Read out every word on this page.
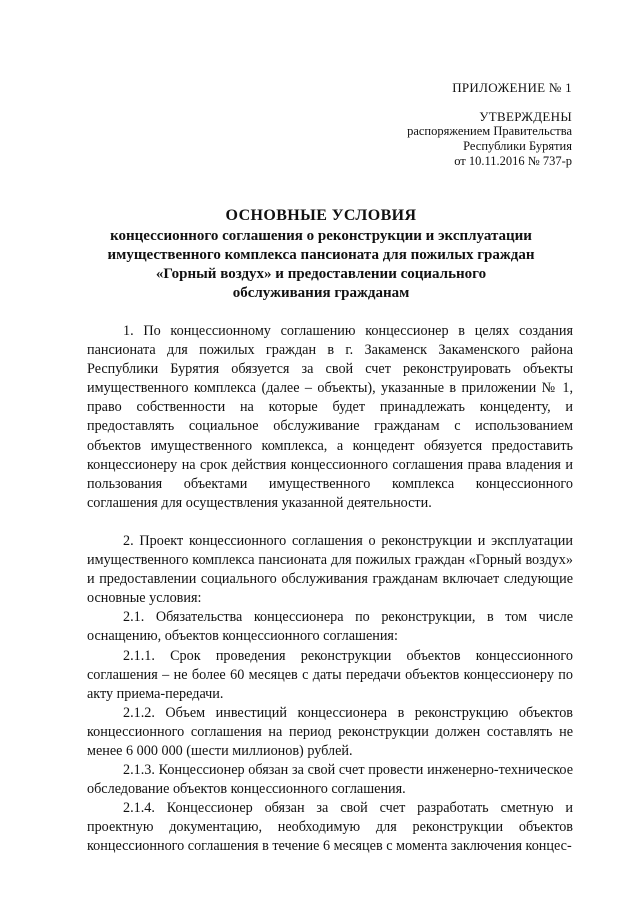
ПРИЛОЖЕНИЕ № 1
УТВЕРЖДЕНЫ
распоряжением Правительства
Республики Бурятия
от 10.11.2016 № 737-р
ОСНОВНЫЕ УСЛОВИЯ
концессионного соглашения о реконструкции и эксплуатации
имущественного комплекса пансионата для пожилых граждан
«Горный воздух» и предоставлении социального
обслуживания гражданам

1. По концессионному соглашению концессионер в целях создания пансионата для пожилых граждан в г. Закаменск Закаменского района Республики Бурятия обязуется за свой счет реконструировать объекты имущественного комплекса (далее – объекты), указанные в приложении № 1, право собственности на которые будет принадлежать концеденту, и предоставлять социальное обслуживание гражданам с использованием объектов имущественного комплекса, а концедент обязуется предоставить концессионеру на срок действия концессионного соглашения права владения и пользования объектами имущественного комплекса концессионного соглашения для осуществления указанной деятельности.

2. Проект концессионного соглашения о реконструкции и эксплуатации имущественного комплекса пансионата для пожилых граждан «Горный воздух» и предоставлении социального обслуживания гражданам включает следующие основные условия:

2.1. Обязательства концессионера по реконструкции, в том числе оснащению, объектов концессионного соглашения:

2.1.1. Срок проведения реконструкции объектов концессионного соглашения – не более 60 месяцев с даты передачи объектов концессионеру по акту приема-передачи.

2.1.2. Объем инвестиций концессионера в реконструкцию объектов концессионного соглашения на период реконструкции должен составлять не менее 6 000 000 (шести миллионов) рублей.

2.1.3. Концессионер обязан за свой счет провести инженерно-техническое обследование объектов концессионного соглашения.

2.1.4. Концессионер обязан за свой счет разработать сметную и проектную документацию, необходимую для реконструкции объектов концессионного соглашения в течение 6 месяцев с момента заключения концес-
